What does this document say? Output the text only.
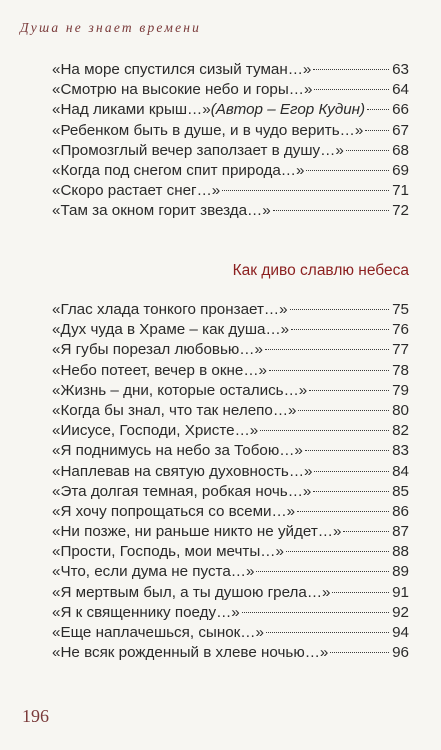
Душа не знает времени
«На море спустился сизый туман…»	63
«Смотрю на высокие небо и горы…»	64
«Над ликами крыш…» (Автор – Егор Кудин) 66
«Ребенком быть в душе, и в чудо верить…» 67
«Промозглый вечер заползает в душу…»	68
«Когда под снегом спит природа…»	69
«Скоро растает снег…»	71
«Там за окном горит звезда…»	72
Как диво славлю небеса
«Глас хлада тонкого пронзает…»	75
«Дух чуда в Храме – как душа…»	76
«Я губы порезал любовью…»	77
«Небо потеет, вечер в окне…»	78
«Жизнь – дни, которые остались…»	79
«Когда бы знал, что так нелепо…»	80
«Иисусе, Господи, Христе…»	82
«Я поднимусь на небо за Тобою…»	83
«Наплевав на святую духовность…»	84
«Эта долгая темная, робкая ночь…»	85
«Я хочу попрощаться со всеми…»	86
«Ни позже, ни раньше никто не уйдет…»	87
«Прости, Господь, мои мечты…»	88
«Что, если дума не пуста…»	89
«Я мертвым был, а ты душою грела…»	91
«Я к священнику поеду…»	92
«Еще наплачешься, сынок…»	94
«Не всяк рожденный в хлеве ночью…»	96
196
